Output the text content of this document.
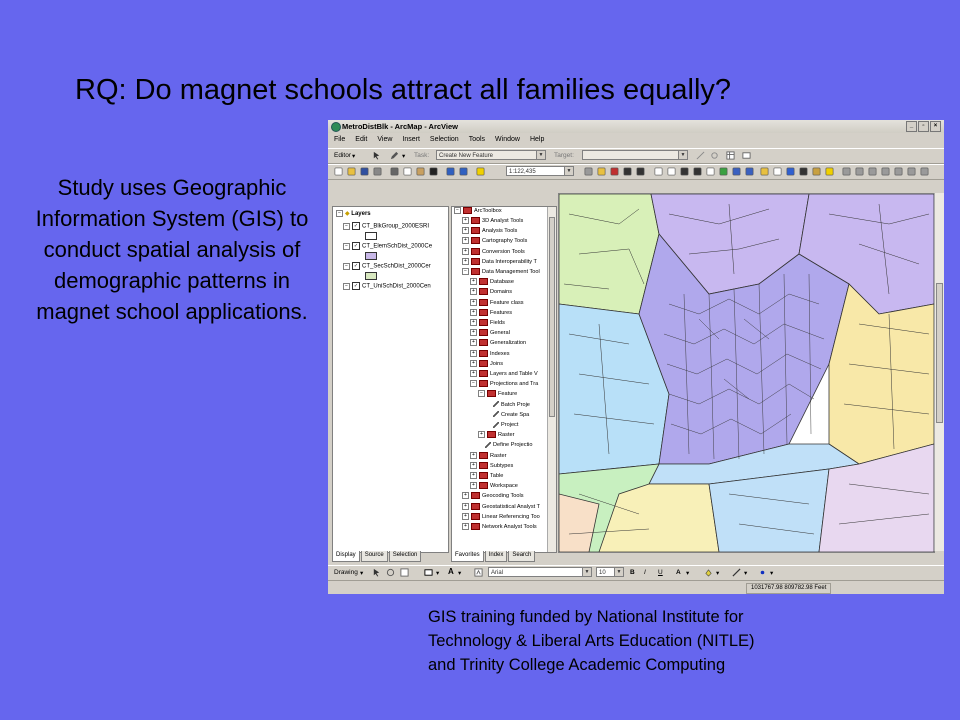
RQ: Do magnet schools attract all families equally?
Study uses Geographic Information System (GIS) to conduct spatial analysis of demographic patterns in magnet school applications.
GIS training funded by National Institute for
Technology & Liberal Arts Education (NITLE)
and Trinity College Academic Computing
MetroDistBlk - ArcMap - ArcView	_	▫	×
File	Edit	View	Insert	Selection	Tools	Window	Help
Editor ▾	▾ Task:	Create New Feature	▼ Target:	▼
1:122,435	▼
− ◆ Layers
− ✓ CT_BlkGroup_2000ESRI
− ✓ CT_ElemSchDist_2000Ce
− ✓ CT_SecSchDist_2000Cer
− ✓ CT_UniSchDist_2000Cen
Display	Source	Selection
−	ArcToolbox
+	3D Analyst Tools
+	Analysis Tools
+	Cartography Tools
+	Conversion Tools
+	Data Interoperability T
−	Data Management Tool
+	Database
+	Domains
+	Feature class
+	Features
+	Fields
+	General
+	Generalization
+	Indexes
+	Joins
+	Layers and Table V
−	Projections and Tra
−	Feature
Batch Proje
Create Spa
Project
+	Raster
Define Projectio
+	Raster
+	Subtypes
+	Table
+	Workspace
+	Geocoding Tools
+	Geostatistical Analyst T
+	Linear Referencing Too
+	Network Analyst Tools
Favorites	Index	Search
Drawing ▾	▾ A ▾	Arial	▼	10	▼ B I U A ▾	▾	▾	▾
1031767.98 809782.98 Feet
